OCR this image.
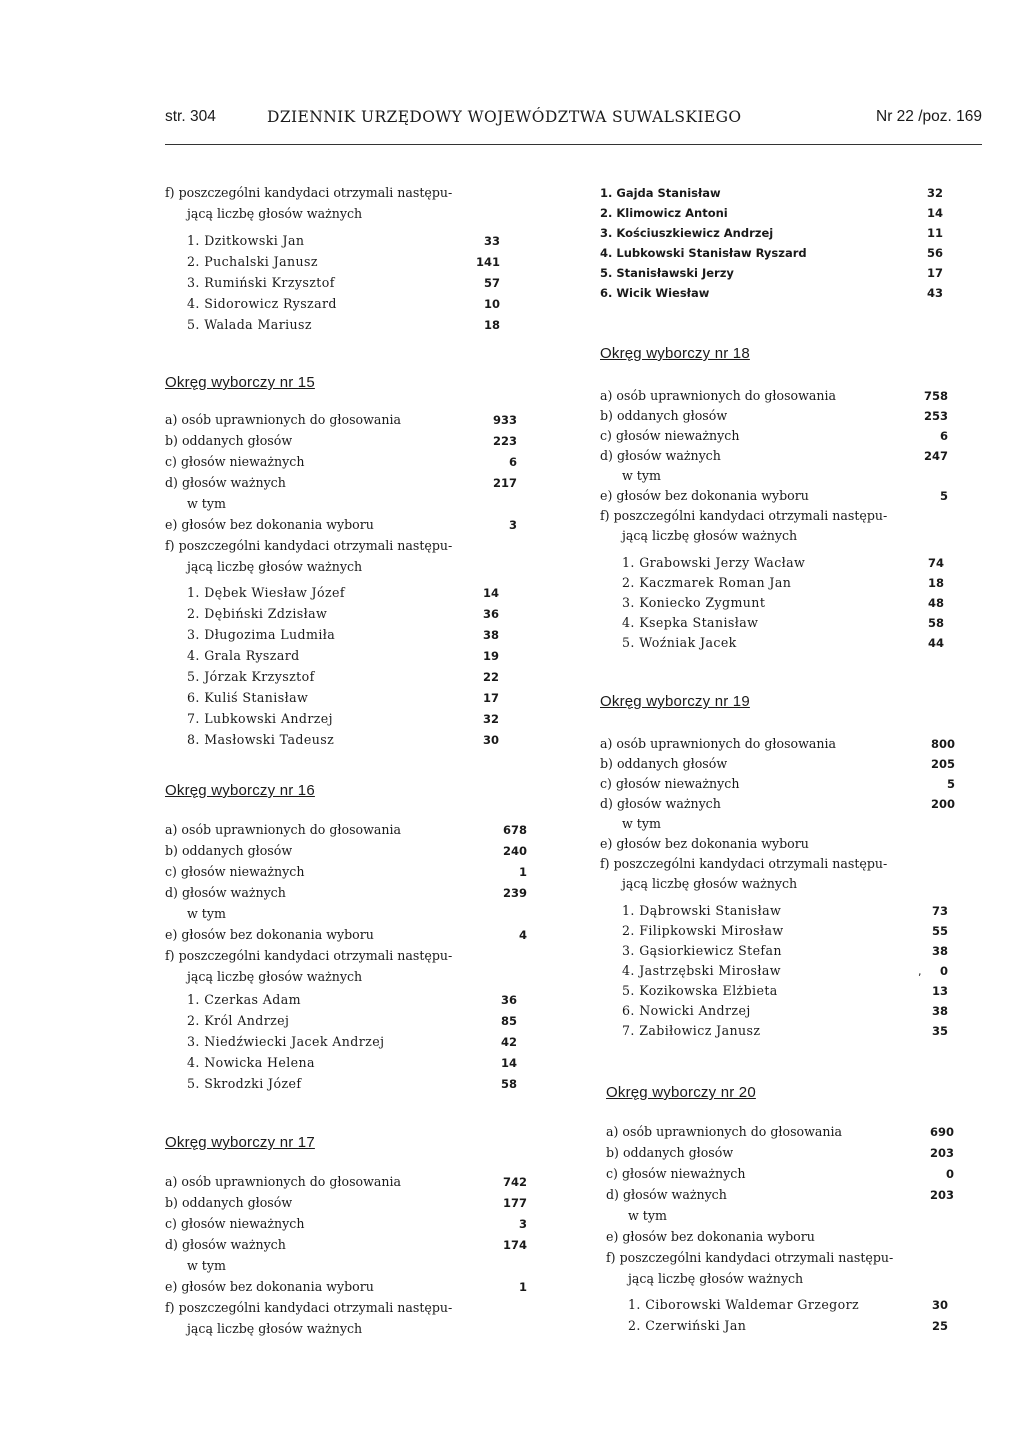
str. 304	DZIENNIK URZĘDOWY WOJEWÓDZTWA SUWALSKIEGO	Nr 22 /poz. 169
f) poszczególni kandydaci otrzymali następu-
jącą liczbę głosów ważnych
1. Dzitkowski Jan	33
2. Puchalski Janusz	141
3. Rumiński Krzysztof	57
4. Sidorowicz Ryszard	10
5. Walada Mariusz	18
Okręg wyborczy nr 15
a) osób uprawnionych do głosowania	933
b) oddanych głosów	223
c) głosów nieważnych	6
d) głosów ważnych	217
w tym
e) głosów bez dokonania wyboru	3
f) poszczególni kandydaci otrzymali następu-
jącą liczbę głosów ważnych
1. Dębek Wiesław Józef	14
2. Dębiński Zdzisław	36
3. Długozima Ludmiła	38
4. Grala Ryszard	19
5. Jórzak Krzysztof	22
6. Kuliś Stanisław	17
7. Lubkowski Andrzej	32
8. Masłowski Tadeusz	30
Okręg wyborczy nr 16
a) osób uprawnionych do głosowania	678
b) oddanych głosów	240
c) głosów nieważnych	1
d) głosów ważnych	239
w tym
e) głosów bez dokonania wyboru	4
f) poszczególni kandydaci otrzymali następu-
jącą liczbę głosów ważnych
1. Czerkas Adam	36
2. Król Andrzej	85
3. Niedźwiecki Jacek Andrzej	42
4. Nowicka Helena	14
5. Skrodzki Józef	58
Okręg wyborczy nr 17
a) osób uprawnionych do głosowania	742
b) oddanych głosów	177
c) głosów nieważnych	3
d) głosów ważnych	174
w tym
e) głosów bez dokonania wyboru	1
f) poszczególni kandydaci otrzymali następu-
jącą liczbę głosów ważnych
1. Gajda Stanisław	32
2. Klimowicz Antoni	14
3. Kościuszkiewicz Andrzej	11
4. Lubkowski Stanisław Ryszard	56
5. Stanisławski Jerzy	17
6. Wicik Wiesław	43
Okręg wyborczy nr 18
a) osób uprawnionych do głosowania	758
b) oddanych głosów	253
c) głosów nieważnych	6
d) głosów ważnych	247
w tym
e) głosów bez dokonania wyboru	5
f) poszczególni kandydaci otrzymali następu-
jącą liczbę głosów ważnych
1. Grabowski Jerzy Wacław	74
2. Kaczmarek Roman Jan	18
3. Koniecko Zygmunt	48
4. Ksepka Stanisław	58
5. Woźniak Jacek	44
Okręg wyborczy nr 19
a) osób uprawnionych do głosowania	800
b) oddanych głosów	205
c) głosów nieważnych	5
d) głosów ważnych	200
w tym
e) głosów bez dokonania wyboru
f) poszczególni kandydaci otrzymali następu-
jącą liczbę głosów ważnych
1. Dąbrowski Stanisław	73
2. Filipkowski Mirosław	55
3. Gąsiorkiewicz Stefan	38
4. Jastrzębski Mirosław	0
5. Kozikowska Elżbieta	13
6. Nowicki Andrzej	38
7. Zabiłowicz Janusz	35
,
Okręg wyborczy nr 20
a) osób uprawnionych do głosowania	690
b) oddanych głosów	203
c) głosów nieważnych	0
d) głosów ważnych	203
w tym
e) głosów bez dokonania wyboru
f) poszczególni kandydaci otrzymali następu-
jącą liczbę głosów ważnych
1. Ciborowski Waldemar Grzegorz	30
2. Czerwiński Jan	25
